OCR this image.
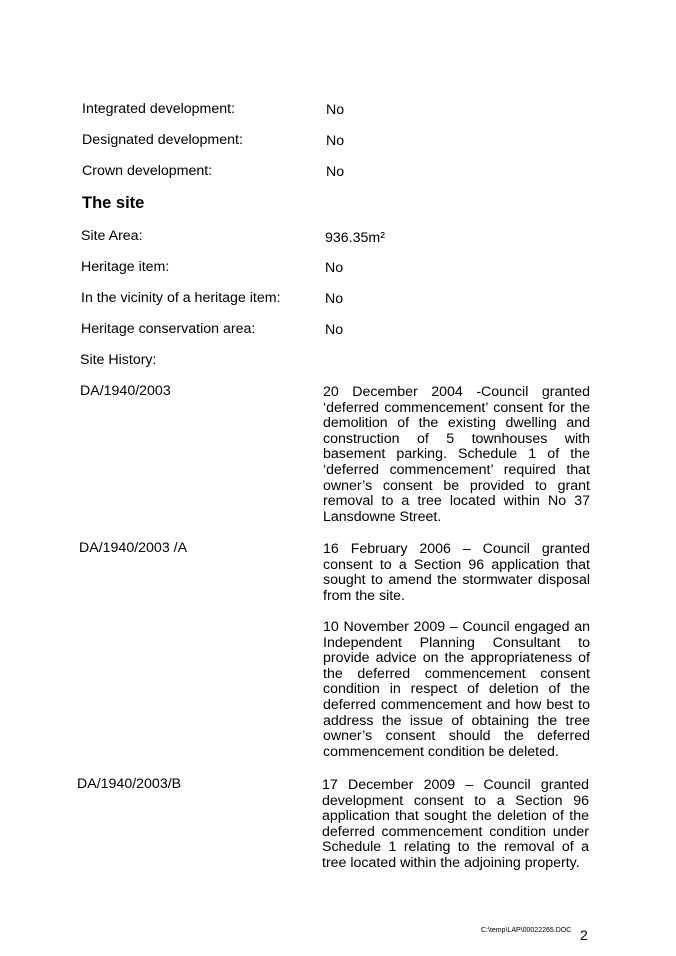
Integrated development:	No
Designated development:	No
Crown development:	No
The site
Site Area:	936.35m²
Heritage item:	No
In the vicinity of a heritage item:	No
Heritage conservation area:	No
Site History:
DA/1940/2003	20 December 2004 -Council granted ‘deferred commencement’ consent for the demolition of the existing dwelling and construction of 5 townhouses with basement parking. Schedule 1 of the ‘deferred commencement’ required that owner’s consent be provided to grant removal to a tree located within No 37 Lansdowne Street.
DA/1940/2003 /A	16 February 2006 – Council granted consent to a Section 96 application that sought to amend the stormwater disposal from the site.
10 November 2009 – Council engaged an Independent Planning Consultant to provide advice on the appropriateness of the deferred commencement consent condition in respect of deletion of the deferred commencement and how best to address the issue of obtaining the tree owner’s consent should the deferred commencement condition be deleted.
DA/1940/2003/B	17 December 2009 – Council granted development consent to a Section 96 application that sought the deletion of the deferred commencement condition under Schedule 1 relating to the removal of a tree located within the adjoining property.
C:\temp\LAP\00022265.DOC 2
